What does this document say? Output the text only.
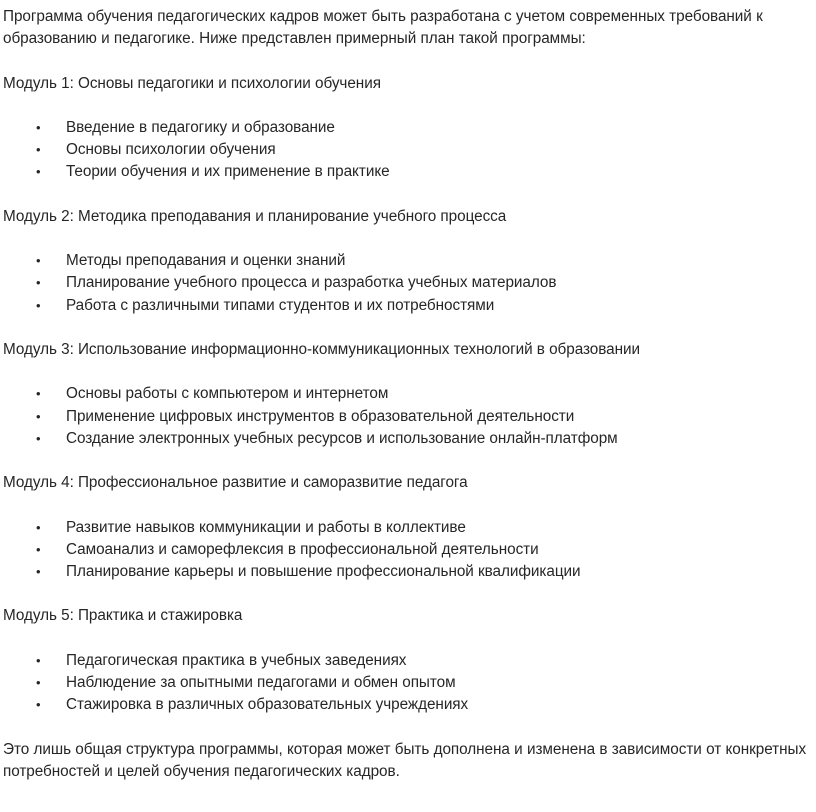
Программа обучения педагогических кадров может быть разработана с учетом современных требований к образованию и педагогике. Ниже представлен примерный план такой программы:

Модуль 1: Основы педагогики и психологии обучения

• Введение в педагогику и образование
• Основы психологии обучения
• Теории обучения и их применение в практике

Модуль 2: Методика преподавания и планирование учебного процесса

• Методы преподавания и оценки знаний
• Планирование учебного процесса и разработка учебных материалов
• Работа с различными типами студентов и их потребностями

Модуль 3: Использование информационно-коммуникационных технологий в образовании

• Основы работы с компьютером и интернетом
• Применение цифровых инструментов в образовательной деятельности
• Создание электронных учебных ресурсов и использование онлайн-платформ

Модуль 4: Профессиональное развитие и саморазвитие педагога

• Развитие навыков коммуникации и работы в коллективе
• Самоанализ и саморефлексия в профессиональной деятельности
• Планирование карьеры и повышение профессиональной квалификации

Модуль 5: Практика и стажировка

• Педагогическая практика в учебных заведениях
• Наблюдение за опытными педагогами и обмен опытом
• Стажировка в различных образовательных учреждениях

Это лишь общая структура программы, которая может быть дополнена и изменена в зависимости от конкретных потребностей и целей обучения педагогических кадров.
